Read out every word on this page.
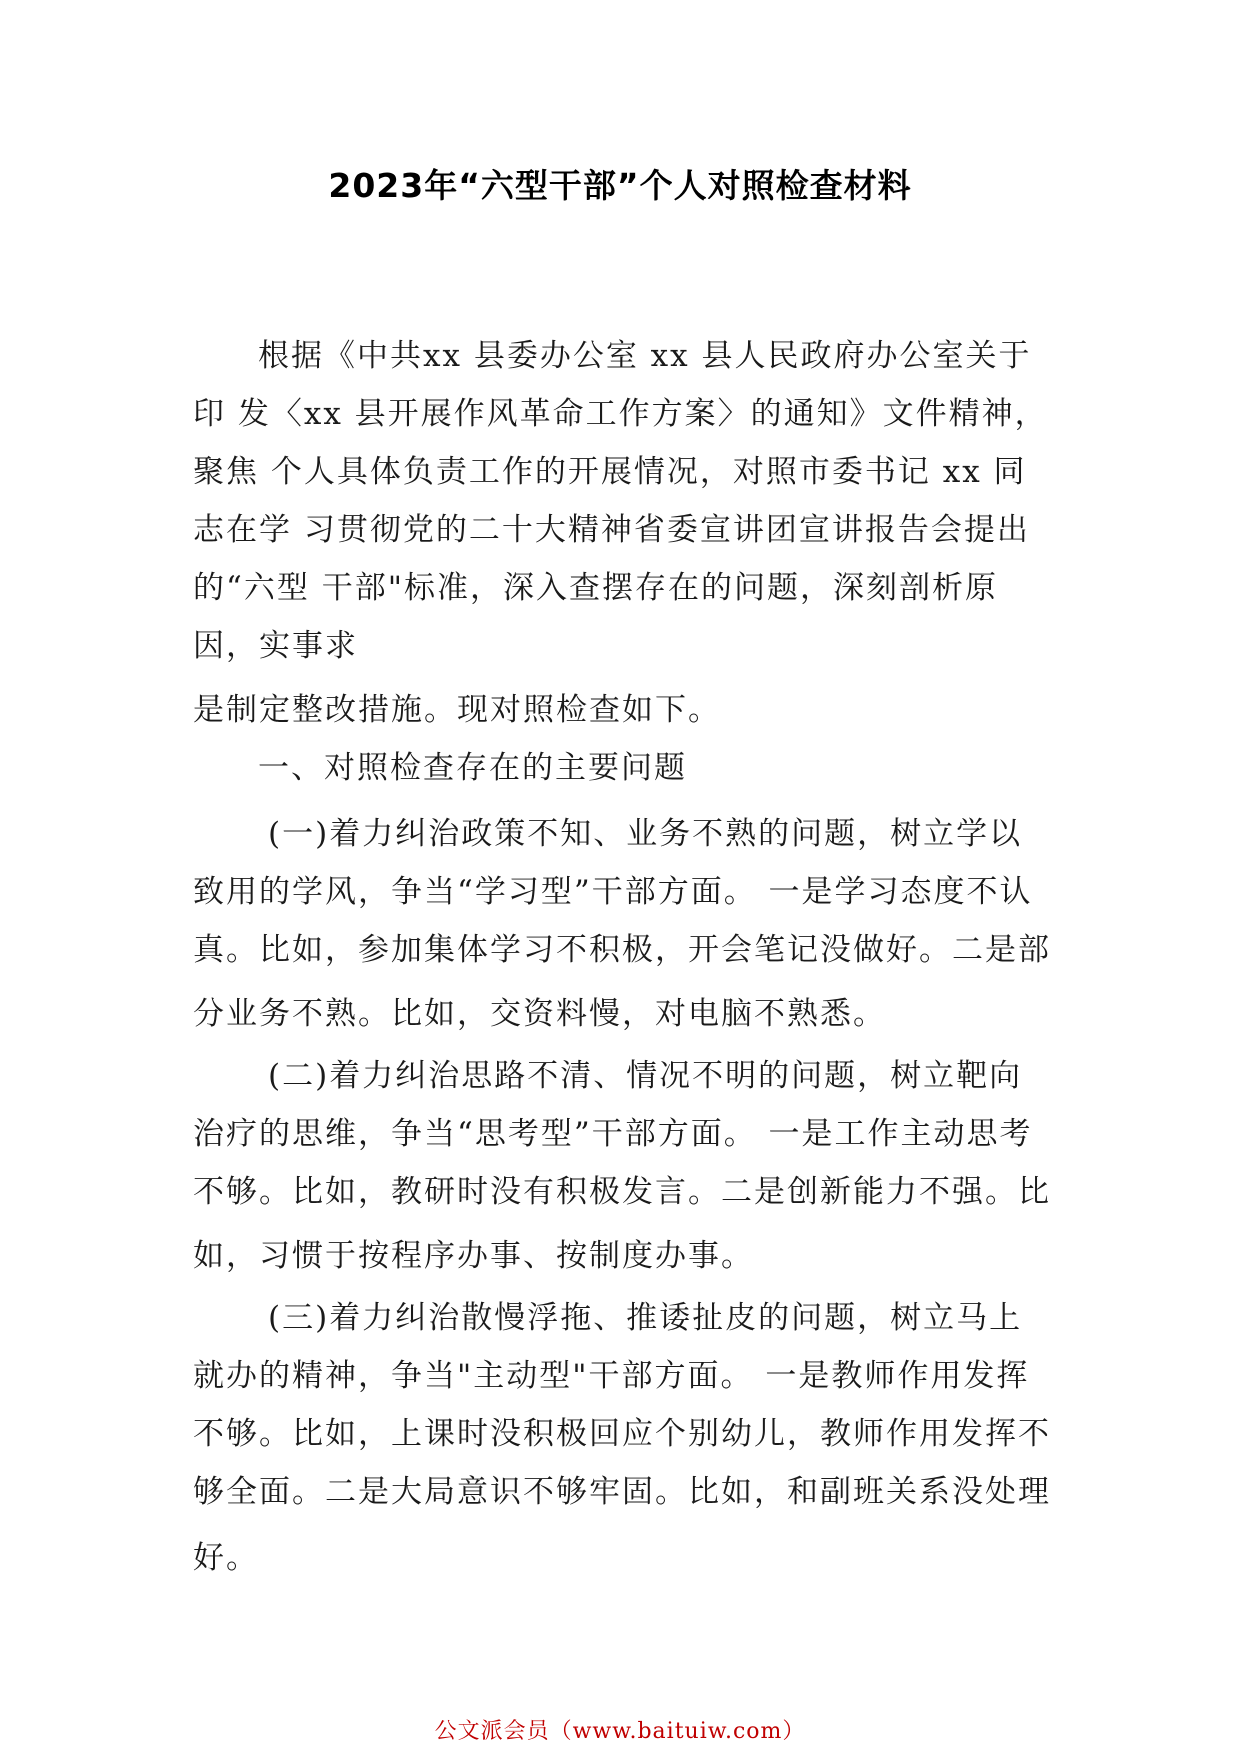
2023年“六型干部”个人对照检查材料
根据《中共xx 县委办公室 xx 县人民政府办公室关于
印 发〈xx 县开展作风革命工作方案〉的通知》文件精神，
聚焦 个人具体负责工作的开展情况，对照市委书记 xx 同
志在学 习贯彻党的二十大精神省委宣讲团宣讲报告会提出
的“六型 干部"标准，深入查摆存在的问题，深刻剖析原
因，实事求
是制定整改措施。现对照检查如下。
一、对照检查存在的主要问题
(一)着力纠治政策不知、业务不熟的问题，树立学以
致用的学风，争当“学习型”干部方面。 一是学习态度不认
真。比如，参加集体学习不积极，开会笔记没做好。二是部
分业务不熟。比如，交资料慢，对电脑不熟悉。
(二)着力纠治思路不清、情况不明的问题，树立靶向
治疗的思维，争当“思考型”干部方面。 一是工作主动思考
不够。比如，教研时没有积极发言。二是创新能力不强。比
如，习惯于按程序办事、按制度办事。
(三)着力纠治散慢浮拖、推诿扯皮的问题，树立马上
就办的精神，争当"主动型"干部方面。 一是教师作用发挥
不够。比如，上课时没积极回应个别幼儿，教师作用发挥不
够全面。二是大局意识不够牢固。比如，和副班关系没处理
好。
公文派会员（www.baituiw.com）
